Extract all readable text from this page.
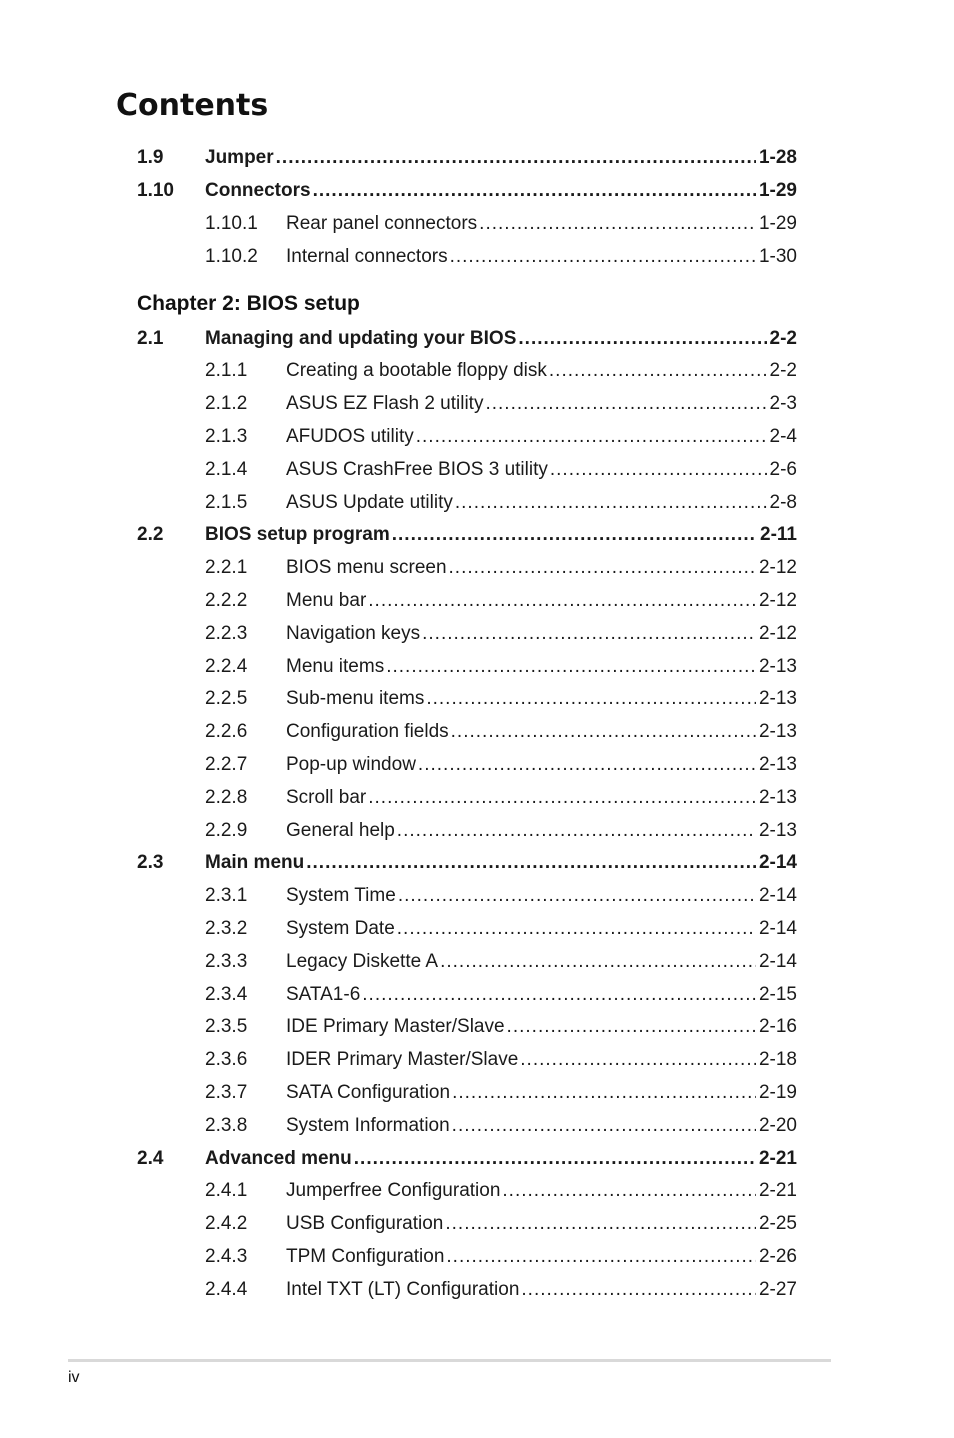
Contents
1.9 Jumper .....	1-28
1.10 Connectors .....	1-29
1.10.1 Rear panel connectors .....	1-29
1.10.2 Internal connectors .....	1-30
Chapter 2: BIOS setup
2.1 Managing and updating your BIOS .....	2-2
2.1.1 Creating a bootable floppy disk .....	2-2
2.1.2 ASUS EZ Flash 2 utility .....	2-3
2.1.3 AFUDOS utility .....	2-4
2.1.4 ASUS CrashFree BIOS 3 utility .....	2-6
2.1.5 ASUS Update utility .....	2-8
2.2 BIOS setup program .....	2-11
2.2.1 BIOS menu screen .....	2-12
2.2.2 Menu bar .....	2-12
2.2.3 Navigation keys .....	2-12
2.2.4 Menu items .....	2-13
2.2.5 Sub-menu items .....	2-13
2.2.6 Configuration fields .....	2-13
2.2.7 Pop-up window .....	2-13
2.2.8 Scroll bar .....	2-13
2.2.9 General help .....	2-13
2.3 Main menu .....	2-14
2.3.1 System Time .....	2-14
2.3.2 System Date .....	2-14
2.3.3 Legacy Diskette A .....	2-14
2.3.4 SATA1-6 .....	2-15
2.3.5 IDE Primary Master/Slave .....	2-16
2.3.6 IDER Primary Master/Slave .....	2-18
2.3.7 SATA Configuration .....	2-19
2.3.8 System Information .....	2-20
2.4 Advanced menu .....	2-21
2.4.1 Jumperfree Configuration .....	2-21
2.4.2 USB Configuration .....	2-25
2.4.3 TPM Configuration .....	2-26
2.4.4 Intel TXT (LT) Configuration .....	2-27
iv
